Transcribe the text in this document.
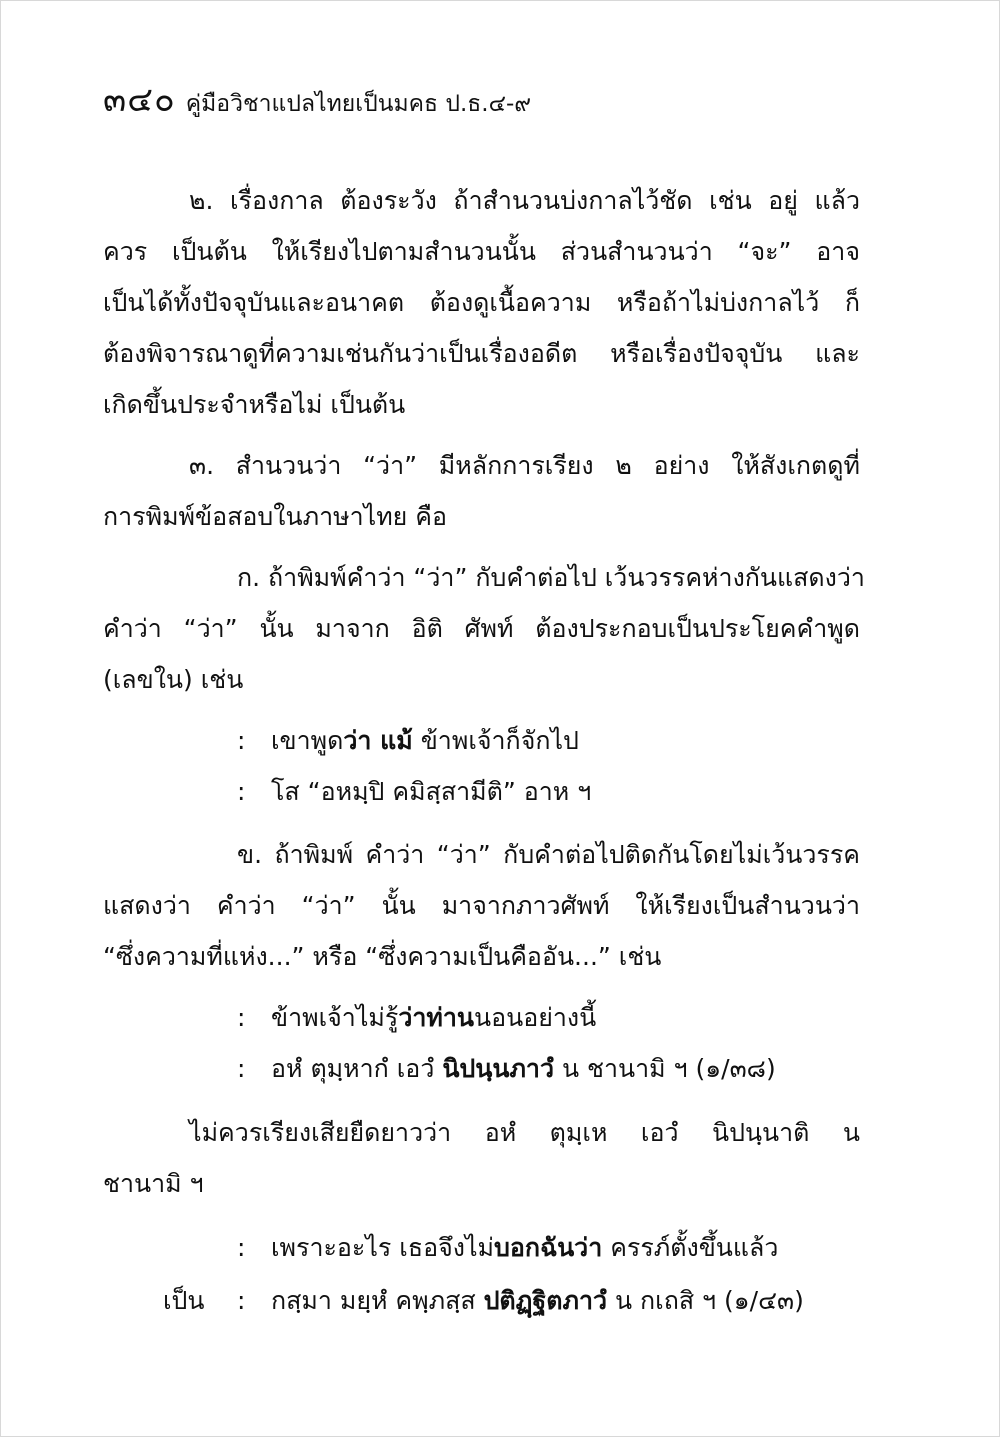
๓๔๐ คู่มือวิชาแปลไทยเป็นมคธ ป.ธ.๔-๙
๒. เรื่องกาล ต้องระวัง ถ้าสำนวนบ่งกาลไว้ชัด เช่น อยู่ แล้ว
ควร เป็นต้น ให้เรียงไปตามสำนวนนั้น ส่วนสำนวนว่า “จะ” อาจ
เป็นได้ทั้งปัจจุบันและอนาคต ต้องดูเนื้อความ หรือถ้าไม่บ่งกาลไว้ ก็
ต้องพิจารณาดูที่ความเช่นกันว่าเป็นเรื่องอดีต หรือเรื่องปัจจุบัน และ
เกิดขึ้นประจำหรือไม่ เป็นต้น
๓. สำนวนว่า “ว่า” มีหลักการเรียง ๒ อย่าง ให้สังเกตดูที่
การพิมพ์ข้อสอบในภาษาไทย คือ
ก. ถ้าพิมพ์คำว่า “ว่า” กับคำต่อไป เว้นวรรคห่างกันแสดงว่า
คำว่า “ว่า” นั้น มาจาก อิติ ศัพท์ ต้องประกอบเป็นประโยคคำพูด
(เลขใน) เช่น
: เขาพูดว่า แม้ ข้าพเจ้าก็จักไป
: โส “อหมฺปิ คมิสฺสามีติ” อาห ฯ
ข. ถ้าพิมพ์ คำว่า “ว่า” กับคำต่อไปติดกันโดยไม่เว้นวรรค
แสดงว่า คำว่า “ว่า” นั้น มาจากภาวศัพท์ ให้เรียงเป็นสำนวนว่า
“ซึ่งความที่แห่ง...” หรือ “ซึ่งความเป็นคืออัน...” เช่น
: ข้าพเจ้าไม่รู้ว่าท่านนอนอย่างนี้
: อหํ ตุมฺหากํ เอวํ นิปนฺนภาวํ น ชานามิ ฯ (๑/๓๘)
ไม่ควรเรียงเสียยืดยาวว่า อหํ ตุมฺเห เอวํ นิปนฺนาติ น
ชานามิ ฯ
: เพราะอะไร เธอจึงไม่บอกฉันว่า ครรภ์ตั้งขึ้นแล้ว
เป็น : กสฺมา มยฺหํ คพฺภสฺส ปติฏฺฐิตภาวํ น กเถสิ ฯ (๑/๔๓)
